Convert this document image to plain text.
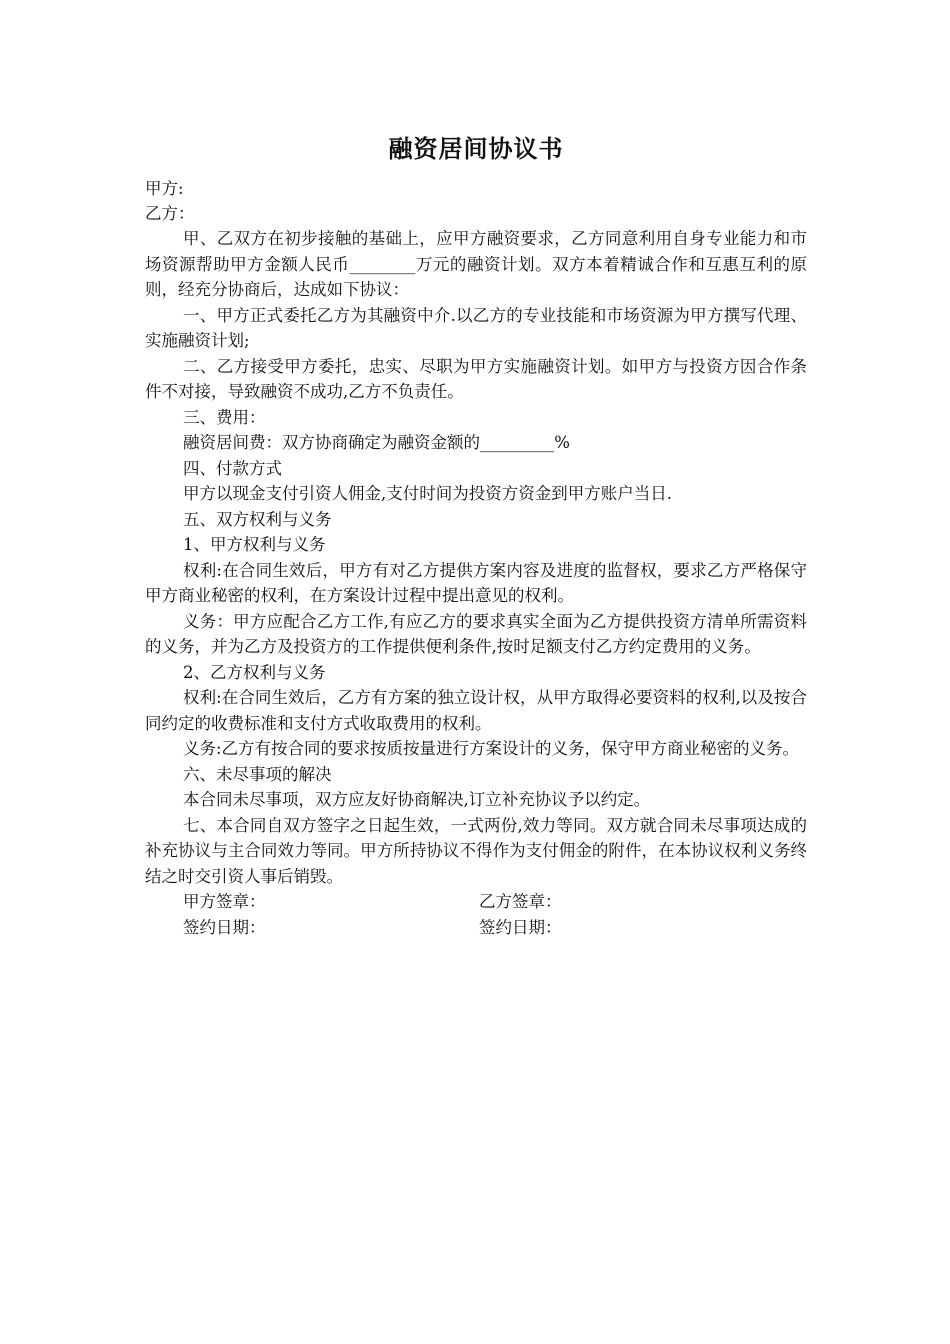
融资居间协议书

甲方:

乙方：

甲、乙双方在初步接触的基础上，应甲方融资要求，乙方同意利用自身专业能力和市场资源帮助甲方金额人民币________万元的融资计划。双方本着精诚合作和互惠互利的原则，经充分协商后，达成如下协议：

一、甲方正式委托乙方为其融资中介.以乙方的专业技能和市场资源为甲方撰写代理、实施融资计划;

二、乙方接受甲方委托，忠实、尽职为甲方实施融资计划。如甲方与投资方因合作条件不对接，导致融资不成功,乙方不负责任。

三、费用：

融资居间费：双方协商确定为融资金额的_________%

四、付款方式

甲方以现金支付引资人佣金,支付时间为投资方资金到甲方账户当日.

五、双方权利与义务

1、甲方权利与义务

权利:在合同生效后，甲方有对乙方提供方案内容及进度的监督权，要求乙方严格保守甲方商业秘密的权利，在方案设计过程中提出意见的权利。

义务：甲方应配合乙方工作,有应乙方的要求真实全面为乙方提供投资方清单所需资料的义务，并为乙方及投资方的工作提供便利条件,按时足额支付乙方约定费用的义务。

2、乙方权利与义务

权利:在合同生效后，乙方有方案的独立设计权，从甲方取得必要资料的权利,以及按合同约定的收费标准和支付方式收取费用的权利。

义务:乙方有按合同的要求按质按量进行方案设计的义务，保守甲方商业秘密的义务。

六、未尽事项的解决

本合同未尽事项，双方应友好协商解决,订立补充协议予以约定。

七、本合同自双方签字之日起生效，一式两份,效力等同。双方就合同未尽事项达成的补充协议与主合同效力等同。甲方所持协议不得作为支付佣金的附件，在本协议权利义务终结之时交引资人事后销毁。

甲方签章：	乙方签章：
签约日期：	签约日期：
